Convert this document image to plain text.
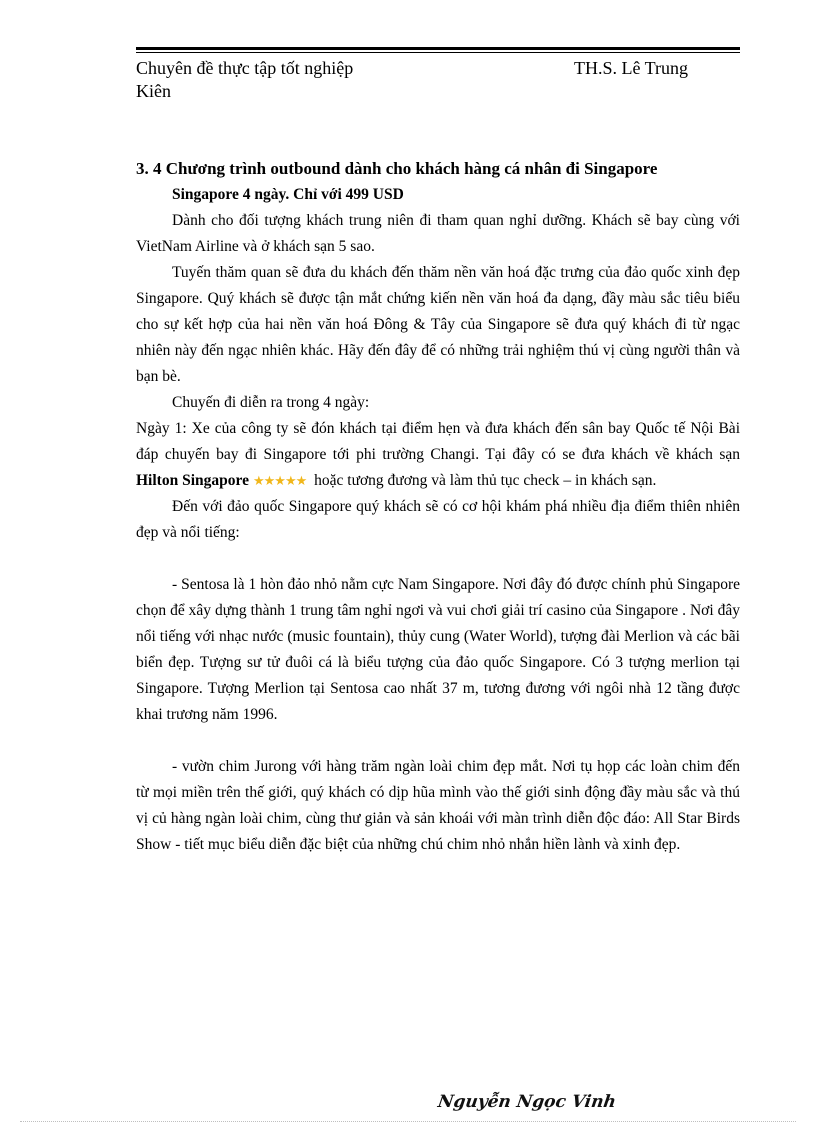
Chuyên đề thực tập tốt nghiệp	TH.S. Lê Trung
Kiên

3. 4 Chương trình outbound dành cho khách hàng cá nhân đi Singapore

Singapore 4 ngày. Chỉ với 499 USD

Dành cho đối tượng khách trung niên đi tham quan nghỉ dưỡng. Khách sẽ bay cùng với VietNam Airline và ở khách sạn 5 sao.

Tuyến thăm quan sẽ đưa du khách đến thăm nền văn hoá đặc trưng của đảo quốc xinh đẹp Singapore. Quý khách sẽ được tận mắt chứng kiến nền văn hoá đa dạng, đầy màu sắc tiêu biểu cho sự kết hợp của hai nền văn hoá Đông & Tây của Singapore sẽ đưa quý khách đi từ ngạc nhiên này đến ngạc nhiên khác. Hãy đến đây để có những trải nghiệm thú vị cùng người thân và bạn bè.

Chuyến đi diễn ra trong 4 ngày:

Ngày 1: Xe của công ty sẽ đón khách tại điểm hẹn và đưa khách đến sân bay Quốc tế Nội Bài đáp chuyến bay đi Singapore tới phi trường Changi. Tại đây có se đưa khách về khách sạn Hilton Singapore ★★★★★ hoặc tương đương và làm thủ tục check – in khách sạn.

Đến với đảo quốc Singapore quý khách sẽ có cơ hội khám phá nhiều địa điểm thiên nhiên đẹp và nổi tiếng:

- Sentosa là 1 hòn đảo nhỏ nằm cực Nam Singapore. Nơi đây đó được chính phủ Singapore chọn để xây dựng thành 1 trung tâm nghỉ ngơi và vui chơi giải trí casino của Singapore . Nơi đây nổi tiếng với nhạc nước (music fountain), thủy cung (Water World), tượng đài Merlion và các bãi biển đẹp. Tượng sư tử đuôi cá là biểu tượng của đảo quốc Singapore. Có 3 tượng merlion tại Singapore. Tượng Merlion tại Sentosa cao nhất 37 m, tương đương với ngôi nhà 12 tầng được khai trương năm 1996.

- vườn chim Jurong với hàng trăm ngàn loài chim đẹp mắt. Nơi tụ họp các loàn chim đến từ mọi miền trên thế giới, quý khách có dịp hũa mình vào thế giới sinh động đầy màu sắc và thú vị củ hàng ngàn loài chim, cùng thư giản và sản khoái với màn trình diễn độc đáo: All Star Birds Show - tiết mục biểu diễn đặc biệt của những chú chim nhỏ nhắn hiền lành và xinh đẹp.

Nguyễn Ngọc Vinh
